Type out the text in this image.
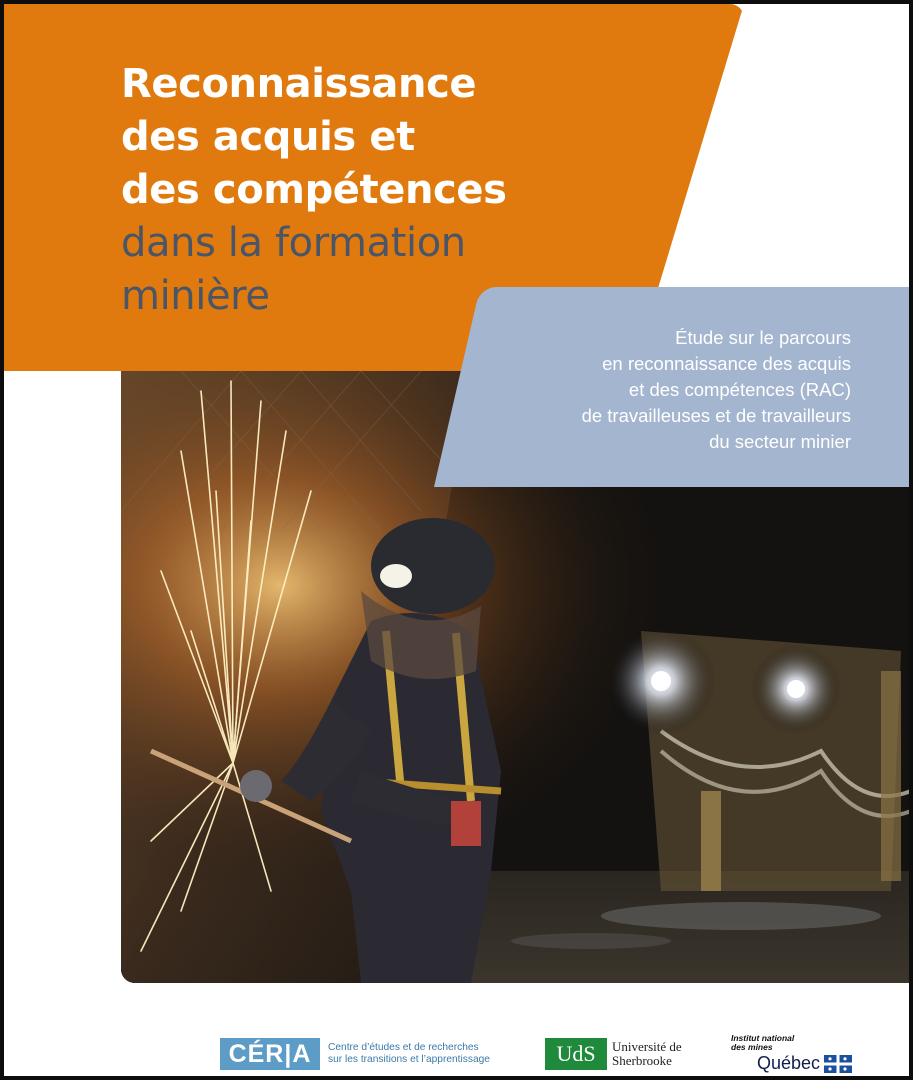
Reconnaissance
des acquis et
des compétences
dans la formation
minière

Étude sur le parcours
en reconnaissance des acquis
et des compétences (RAC)
de travailleuses et de travailleurs
du secteur minier

CÉR|A	Centre d’études et de recherches
sur les transitions et l’apprentissage	UdS	Université de
Sherbrooke
Institut national
des mines
Québec
